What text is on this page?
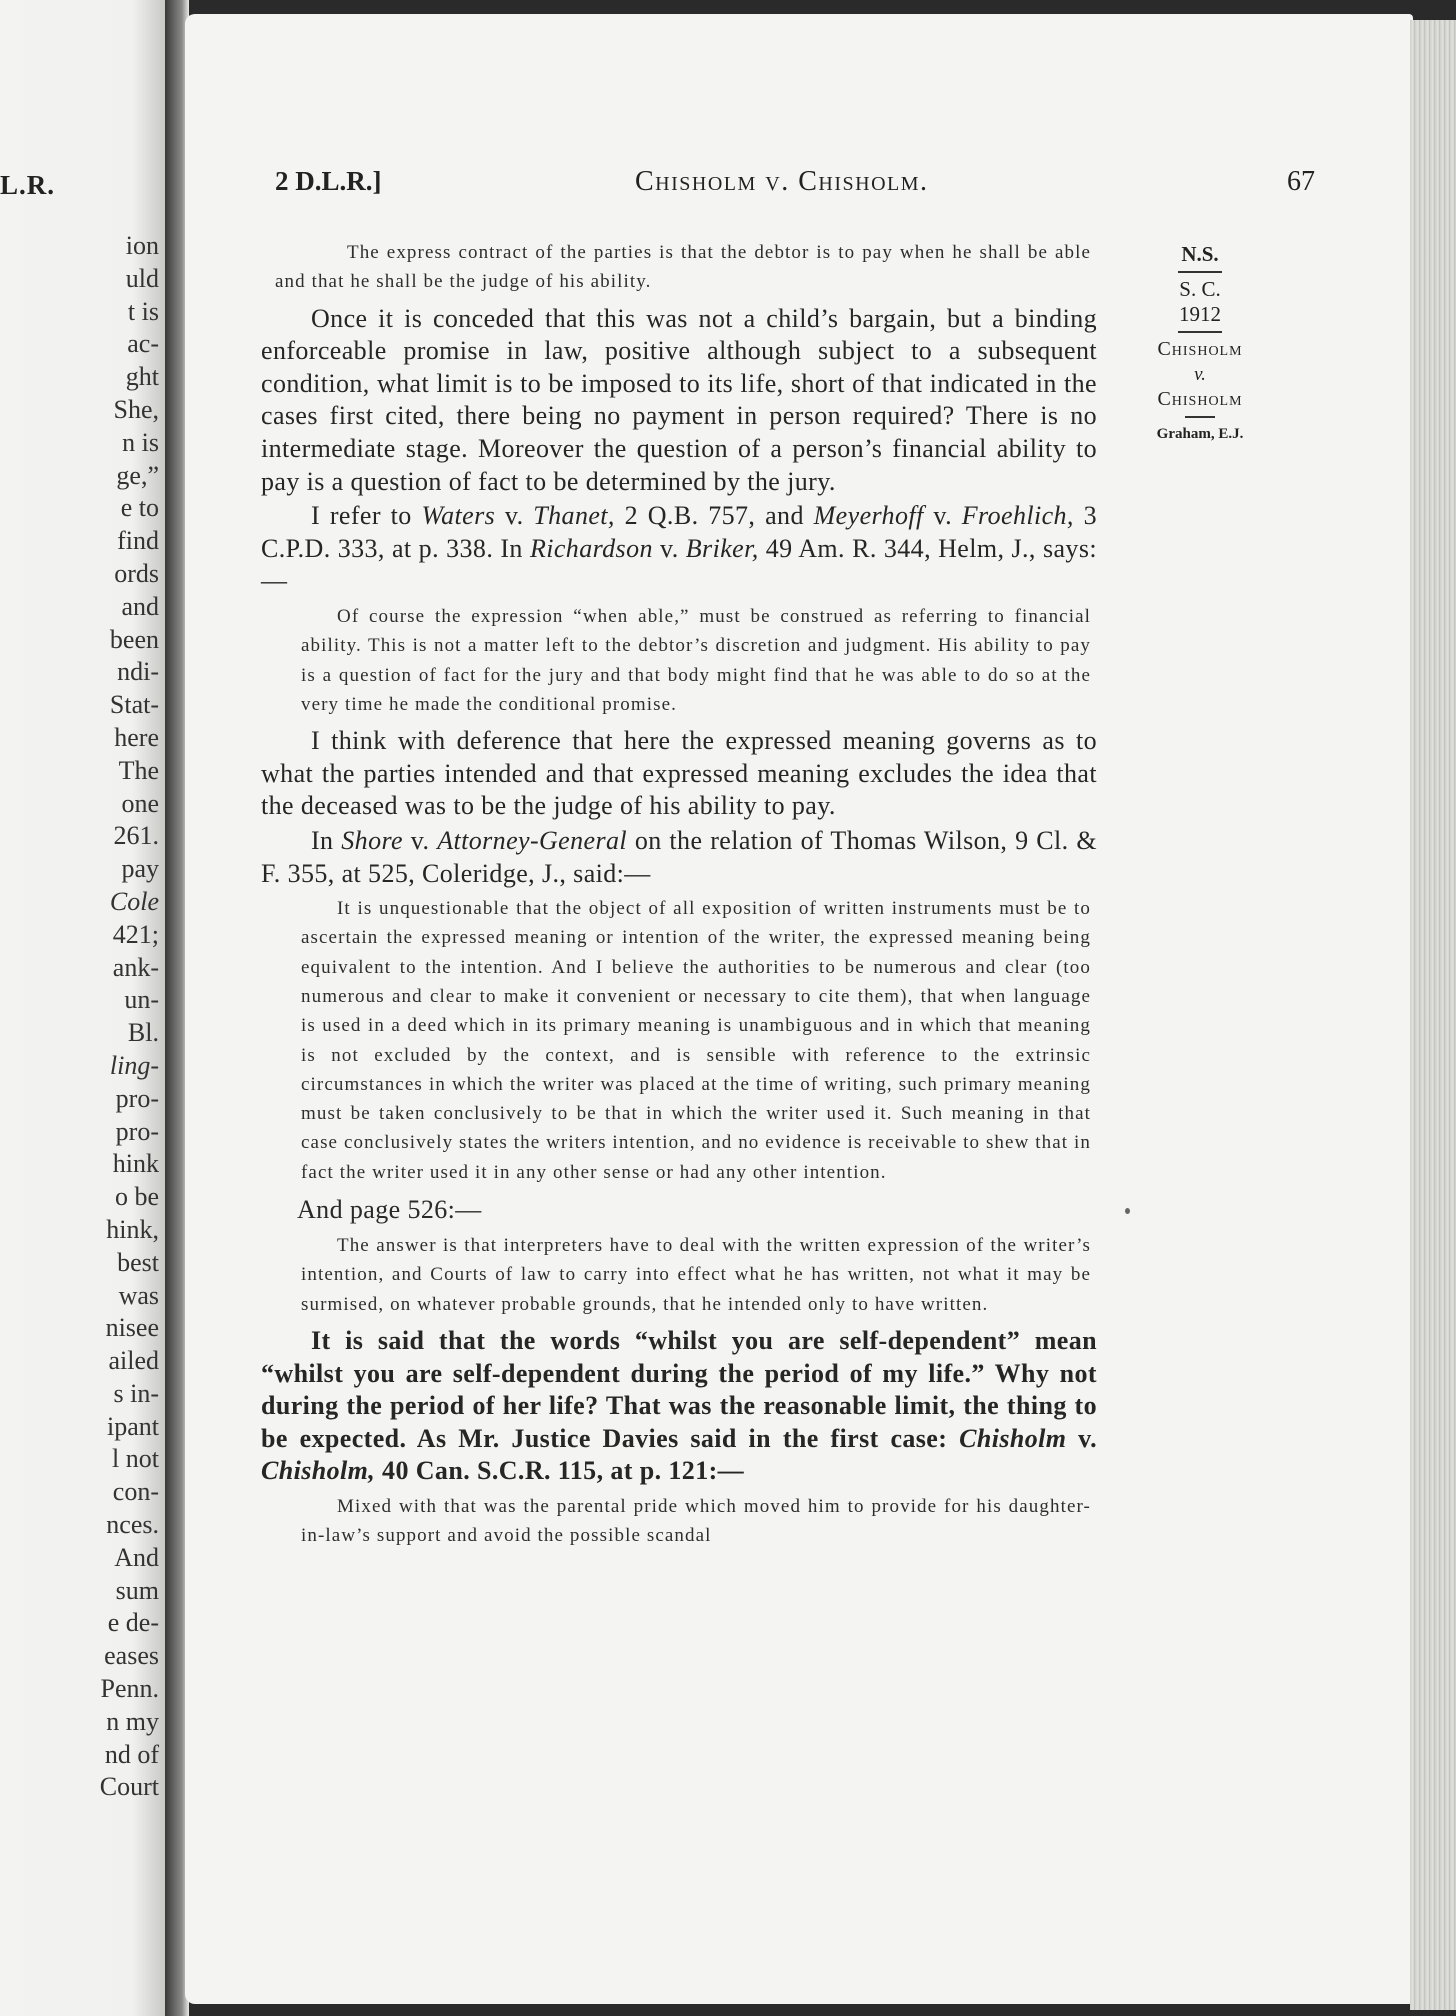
L.R.
ion
uld
t is
ac-
ght
She,
n is
ge,”
e to
find
ords
and
been
ndi-
Stat-
here
The
one
261.
pay
Cole
421;
ank-
un-
Bl.
ling-
pro-
pro-
hink
o be
hink,
best
was
nisee
ailed
s in-
ipant
l not
con-
nces.
And
sum
e de-
eases
Penn.
n my
nd of
Court
2 D.L.R.]	Chisholm v. Chisholm.	67
N.S.
S. C.
1912
Chisholm
v.
Chisholm
Graham, E.J.

The express contract of the parties is that the debtor is to pay when he shall be able and that he shall be the judge of his ability.

Once it is conceded that this was not a child’s bargain, but a binding enforceable promise in law, positive although subject to a subsequent condition, what limit is to be imposed to its life, short of that indicated in the cases first cited, there being no payment in person required? There is no intermediate stage. Moreover the question of a person’s financial ability to pay is a question of fact to be determined by the jury.

I refer to Waters v. Thanet, 2 Q.B. 757, and Meyerhoff v. Froehlich, 3 C.P.D. 333, at p. 338. In Richardson v. Briker, 49 Am. R. 344, Helm, J., says:—

Of course the expression “when able,” must be construed as referring to financial ability. This is not a matter left to the debtor’s discretion and judgment. His ability to pay is a question of fact for the jury and that body might find that he was able to do so at the very time he made the conditional promise.

I think with deference that here the expressed meaning governs as to what the parties intended and that expressed meaning excludes the idea that the deceased was to be the judge of his ability to pay.

In Shore v. Attorney-General on the relation of Thomas Wilson, 9 Cl. & F. 355, at 525, Coleridge, J., said:—

It is unquestionable that the object of all exposition of written instruments must be to ascertain the expressed meaning or intention of the writer, the expressed meaning being equivalent to the intention. And I believe the authorities to be numerous and clear (too numerous and clear to make it convenient or necessary to cite them), that when language is used in a deed which in its primary meaning is unambiguous and in which that meaning is not excluded by the context, and is sensible with reference to the extrinsic circumstances in which the writer was placed at the time of writing, such primary meaning must be taken conclusively to be that in which the writer used it. Such meaning in that case conclusively states the writers intention, and no evidence is receivable to shew that in fact the writer used it in any other sense or had any other intention.

And page 526:—

The answer is that interpreters have to deal with the written expression of the writer’s intention, and Courts of law to carry into effect what he has written, not what it may be surmised, on whatever probable grounds, that he intended only to have written.

It is said that the words “whilst you are self-dependent” mean “whilst you are self-dependent during the period of my life.” Why not during the period of her life? That was the reasonable limit, the thing to be expected. As Mr. Justice Davies said in the first case: Chisholm v. Chisholm, 40 Can. S.C.R. 115, at p. 121:—

Mixed with that was the parental pride which moved him to provide for his daughter-in-law’s support and avoid the possible scandal
